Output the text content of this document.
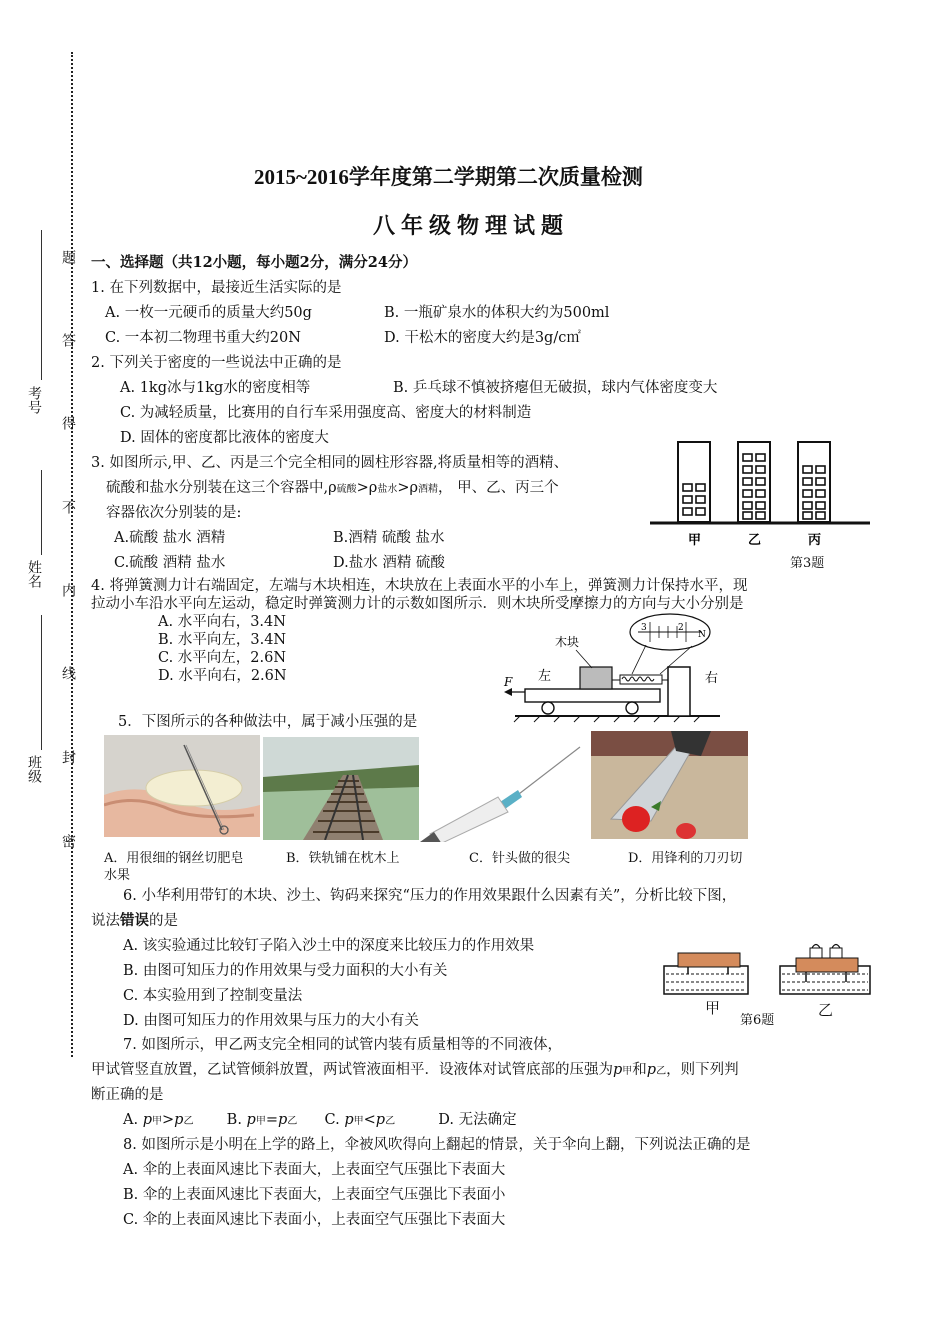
题
答
得
不
内
线
封
密
考号
姓名
班级
2015~2016学年度第二学期第二次质量检测
八年级物理试题
一、选择题（共12小题，每小题2分，满分24分）
1. 在下列数据中，最接近生活实际的是
A. 一枚一元硬币的质量大约50g	B. 一瓶矿泉水的体积大约为500ml
C. 一本初二物理书重大约20N	D. 干松木的密度大约是3g/c㎡
2. 下列关于密度的一些说法中正确的是
A. 1kg冰与1kg水的密度相等	B. 乒乓球不慎被挤瘪但无破损，球内气体密度变大
C. 为减轻质量，比赛用的自行车采用强度高、密度大的材料制造
D. 固体的密度都比液体的密度大
3. 如图所示,甲、乙、丙是三个完全相同的圆柱形容器,将质量相等的酒精、
硫酸和盐水分别装在这三个容器中,ρ硫酸>ρ盐水>ρ酒精， 甲、乙、丙三个
容器依次分别装的是:
A.硫酸 盐水 酒精	B.酒精 硫酸 盐水
C.硫酸 酒精 盐水	D.盐水 酒精 硫酸
甲	乙	丙
第3题
4. 将弹簧测力计右端固定，左端与木块相连，木块放在上表面水平的小车上，弹簧测力计保持水平，现
拉动小车沿水平向左运动，稳定时弹簧测力计的示数如图所示．则木块所受摩擦力的方向与大小分别是
A. 水平向右，3.4N
B. 水平向左，3.4N
C. 水平向左，2.6N
D. 水平向右，2.6N
木块
左	右
3	2
N
F
5．下图所示的各种做法中，属于减小压强的是
A．用很细的钢丝切肥皂
水果
B．铁轨铺在枕木上	C．针头做的很尖	D．用锋利的刀刃切
6. 小华利用带钉的木块、沙土、钩码来探究“压力的作用效果跟什么因素有关”，分析比较下图，
说法错误的是
A. 该实验通过比较钉子陷入沙土中的深度来比较压力的作用效果
B. 由图可知压力的作用效果与受力面积的大小有关
C. 本实验用到了控制变量法
D. 由图可知压力的作用效果与压力的大小有关
甲	乙
第6题
7. 如图所示，甲乙两支完全相同的试管内装有质量相等的不同液体，
甲试管竖直放置，乙试管倾斜放置，两试管液面相平．设液体对试管底部的压强为p甲和p乙，则下列判
断正确的是
A. p甲>p乙 B. p甲=p乙 C. p甲<p乙	D. 无法确定
8. 如图所示是小明在上学的路上，伞被风吹得向上翻起的情景，关于伞向上翻，下列说法正确的是
A. 伞的上表面风速比下表面大，上表面空气压强比下表面大
B. 伞的上表面风速比下表面大，上表面空气压强比下表面小
C. 伞的上表面风速比下表面小，上表面空气压强比下表面大
